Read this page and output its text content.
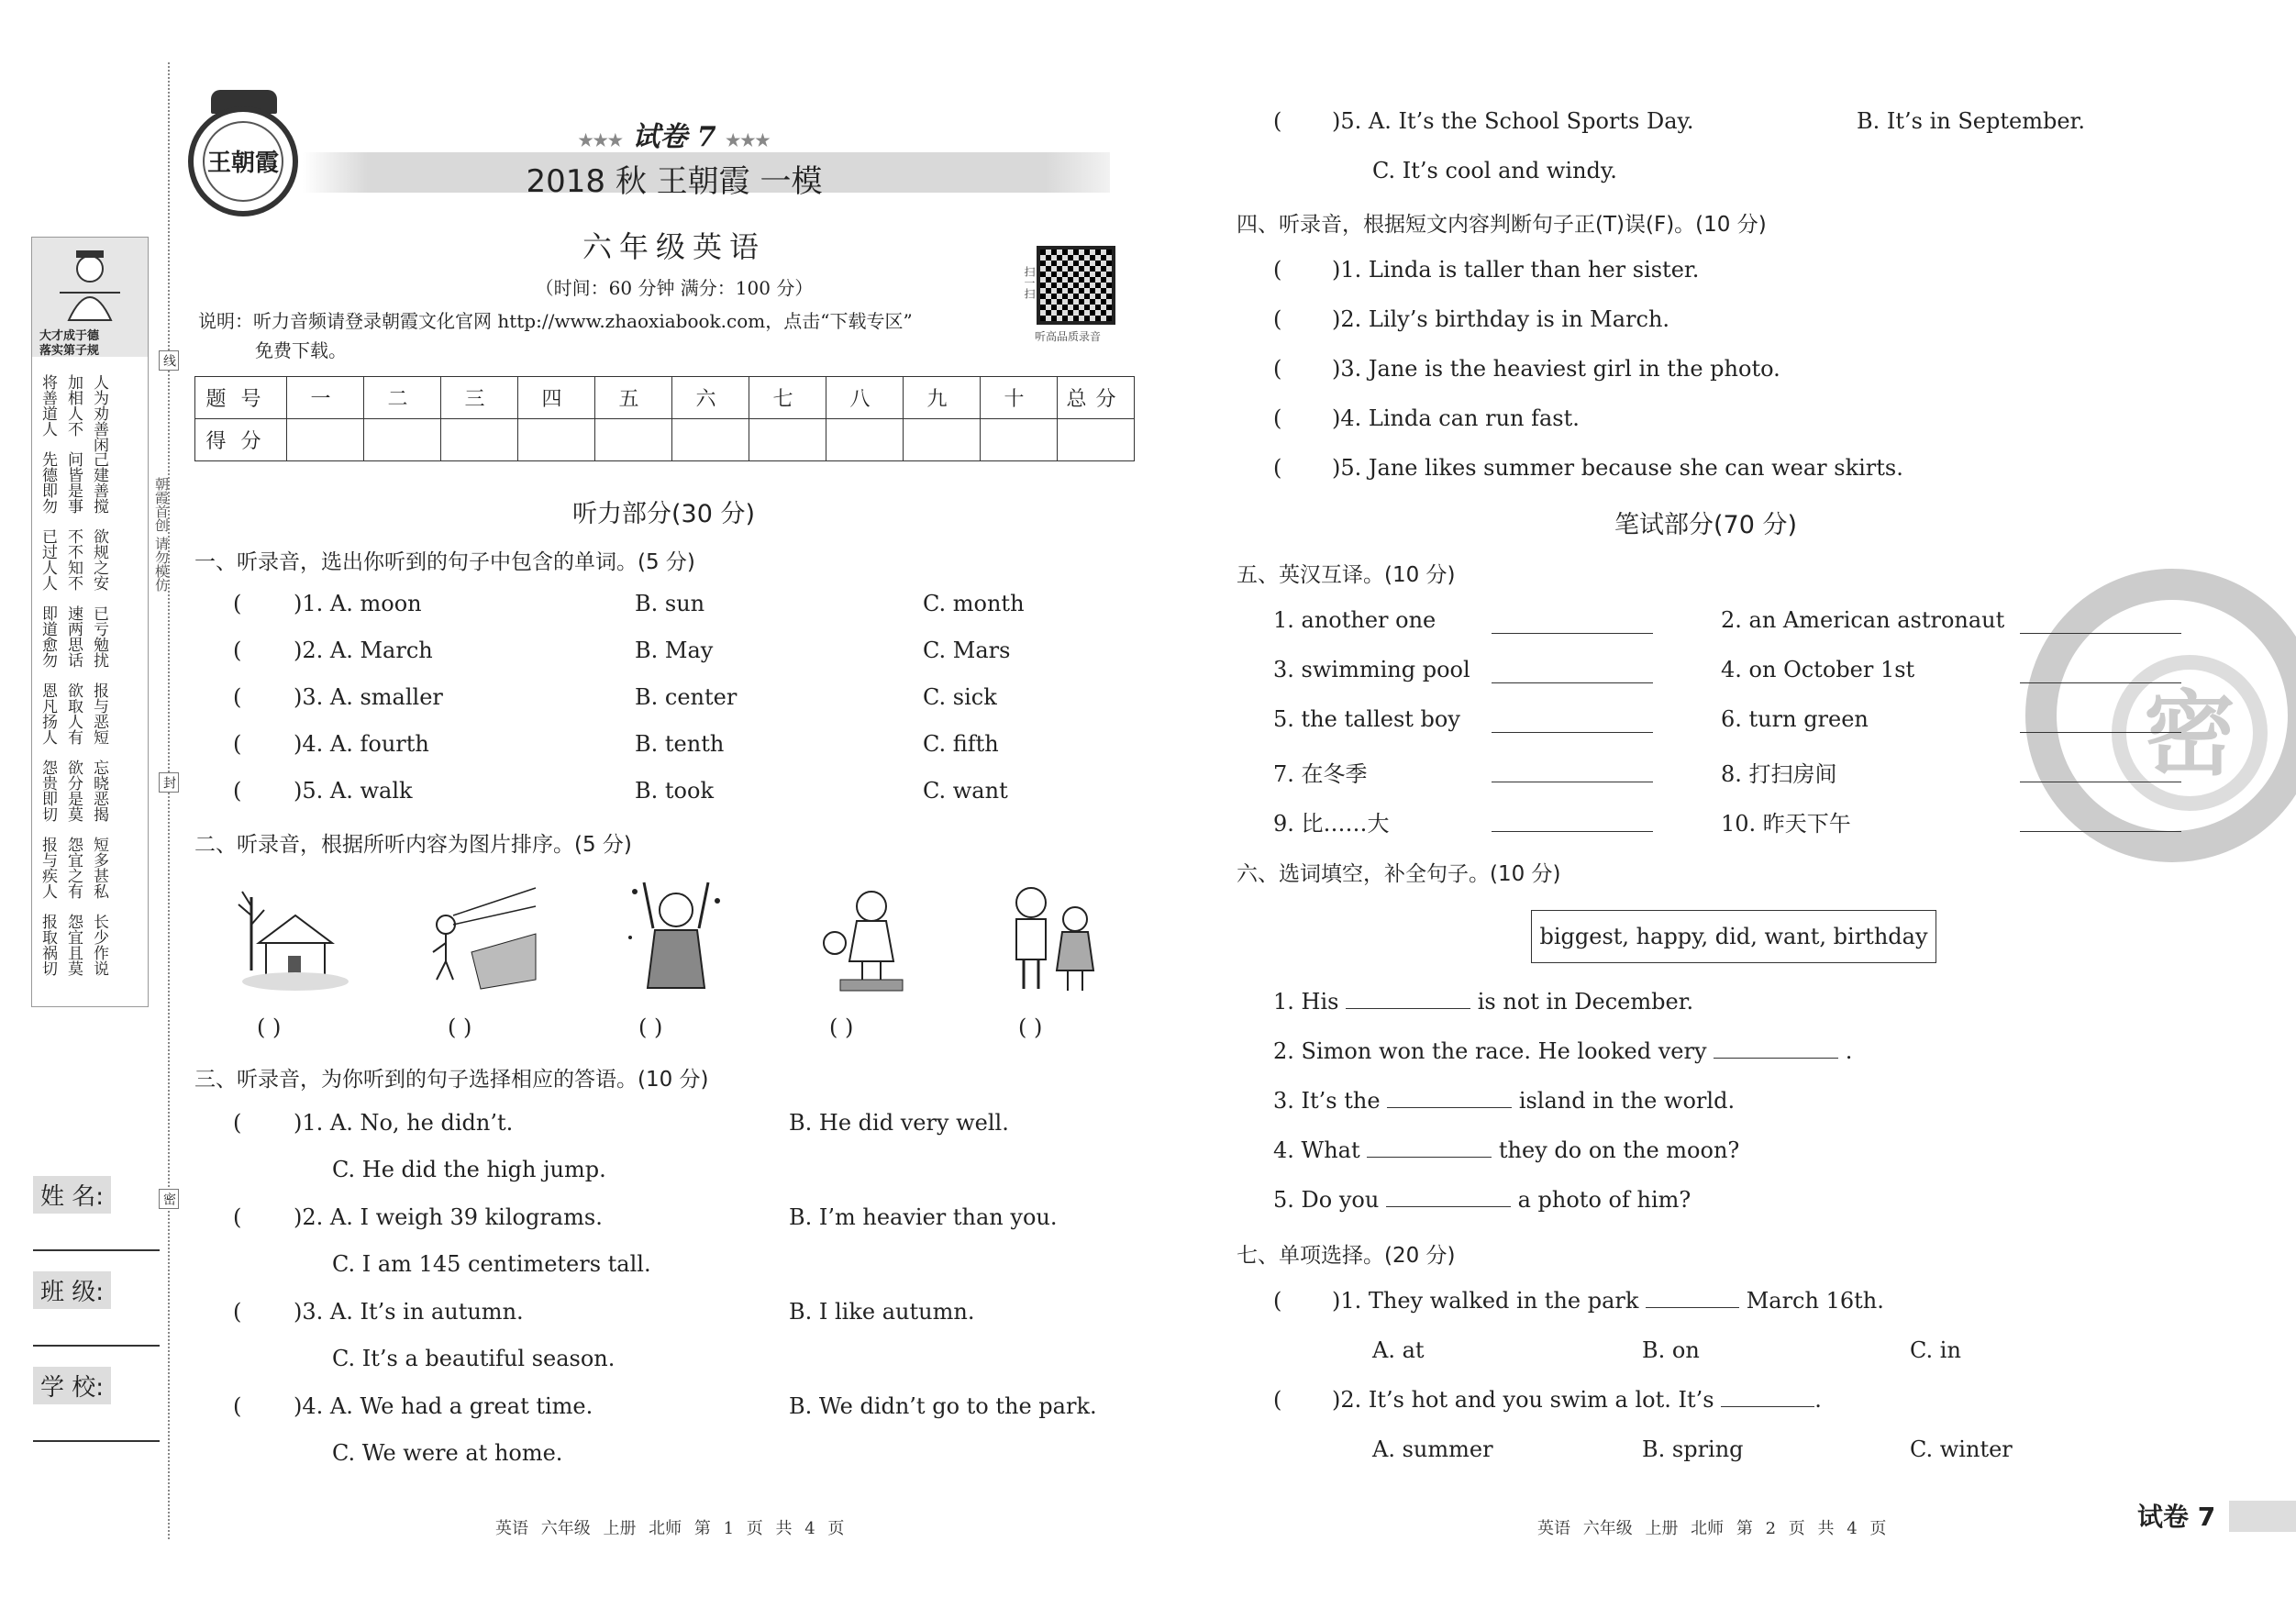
大才成于德
落实第子规
将善道人 加相人不 人为劝善闲
先德即勿 问皆是事 己建善搅
已过人人 不不知不 欲规之安
即道愈勿 速两思话 已亏勉扰
恩凡扬人 欲取人有 报与恶短
怨贵即切 欲分是莫 忘晓恶揭
报与疾人 怨宜之有 短多甚私
报取祸切 怨宜且莫 长少作说
朝霞首创 请勿模仿
线
封
密
姓 名:
班 级:
学 校:
王朝霞
★★★ 试卷 7 ★★★
2018 秋 王朝霞 一模
六年级英语
（时间：60 分钟 满分：100 分）
说明：听力音频请登录朝霞文化官网 http://www.zhaoxiabook.com，点击“下载专区”
免费下载。
扫一扫
听高品质录音
题号	一	二	三	四	五	六	七	八	九	十	总分
得分											
听力部分(30 分)
一、听录音，选出你听到的句子中包含的单词。(5 分)
( )1. A. moon	B. sun	C. month
( )2. A. March	B. May	C. Mars
( )3. A. smaller	B. center	C. sick
( )4. A. fourth	B. tenth	C. fifth
( )5. A. walk	B. took	C. want
二、听录音，根据所听内容为图片排序。(5 分)
( )	( )	( )	( )	( )
三、听录音，为你听到的句子选择相应的答语。(10 分)
( )1. A. No, he didn’t.	B. He did very well.
C. He did the high jump.
( )2. A. I weigh 39 kilograms.	B. I’m heavier than you.
C. I am 145 centimeters tall.
( )3. A. It’s in autumn.	B. I like autumn.
C. It’s a beautiful season.
( )4. A. We had a great time.	B. We didn’t go to the park.
C. We were at home.
英语 六年级 上册 北师 第 1 页 共 4 页
密
( )5. A. It’s the School Sports Day.	B. It’s in September.
C. It’s cool and windy.
四、听录音，根据短文内容判断句子正(T)误(F)。(10 分)
( )1. Linda is taller than her sister.
( )2. Lily’s birthday is in March.
( )3. Jane is the heaviest girl in the photo.
( )4. Linda can run fast.
( )5. Jane likes summer because she can wear skirts.
笔试部分(70 分)
五、英汉互译。(10 分)
1. another one	2. an American astronaut
3. swimming pool	4. on October 1st
5. the tallest boy	6. turn green
7. 在冬季	8. 打扫房间
9. 比……大	10. 昨天下午
六、选词填空，补全句子。(10 分)
biggest, happy, did, want, birthday
1. His	is not in December.
2. Simon won the race. He looked very	.
3. It’s the	island in the world.
4. What	they do on the moon?
5. Do you	a photo of him?
七、单项选择。(20 分)
( )1. They walked in the park	March 16th.
A. at	B. on	C. in
( )2. It’s hot and you swim a lot. It’s	.
A. summer	B. spring	C. winter
英语 六年级 上册 北师 第 2 页 共 4 页	试卷 7
